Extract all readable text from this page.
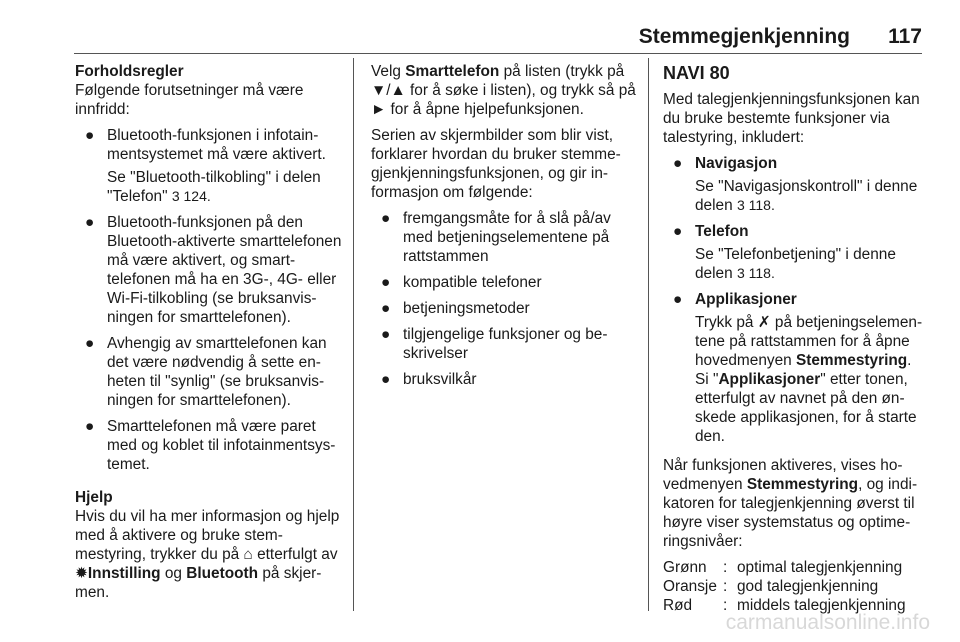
Stemmegjenkjenning 117
Forholdsregler

Følgende forutsetninger må være innfridd:

● Bluetooth-funksjonen i infotainmentsystemet må være aktivert.
Se "Bluetooth-tilkobling" i delen "Telefon" 3 124.
● Bluetooth-funksjonen på den Bluetooth-aktiverte smarttelefonen må være aktivert, og smarttelefonen må ha en 3G-, 4G- eller Wi-Fi-tilkobling (se bruksanvisningen for smarttelefonen).
● Avhengig av smarttelefonen kan det være nødvendig å sette enheten til "synlig" (se bruksanvisningen for smarttelefonen).
● Smarttelefonen må være paret med og koblet til infotainmentsystemet.
Hjelp

Hvis du vil ha mer informasjon og hjelp med å aktivere og bruke stemmestyring, trykker du på ⌂ etterfulgt av ✹Innstilling og Bluetooth på skjermen.

Velg Smarttelefon på listen (trykk på ▼/▲ for å søke i listen), og trykk så på ► for å åpne hjelpefunksjonen.

Serien av skjermbilder som blir vist, forklarer hvordan du bruker stemmegjenkjenningsfunksjonen, og gir informasjon om følgende:

● fremgangsmåte for å slå på/av med betjeningselementene på rattstammen
● kompatible telefoner
● betjeningsmetoder
● tilgjengelige funksjoner og beskrivelser
● bruksvilkår
NAVI 80

Med talegjenkjenningsfunksjonen kan du bruke bestemte funksjoner via talestyring, inkludert:

● Navigasjon
Se "Navigasjonskontroll" i denne delen 3 118.
● Telefon
Se "Telefonbetjening" i denne delen 3 118.
● Applikasjoner
Trykk på ✗ på betjeningselementene på rattstammen for å åpne hovedmenyen Stemmestyring.
Si "Applikasjoner" etter tonen, etterfulgt av navnet på den ønskede applikasjonen, for å starte den.

Når funksjonen aktiveres, vises hovedmenyen Stemmestyring, og indikatoren for talegjenkjenning øverst til høyre viser systemstatus og optimeringsnivåer:

Grønn	:	optimal talegjenkjenning
Oransje	:	god talegjenkjenning
Rød	:	middels talegjenkjenning
carmanualsonline.info
